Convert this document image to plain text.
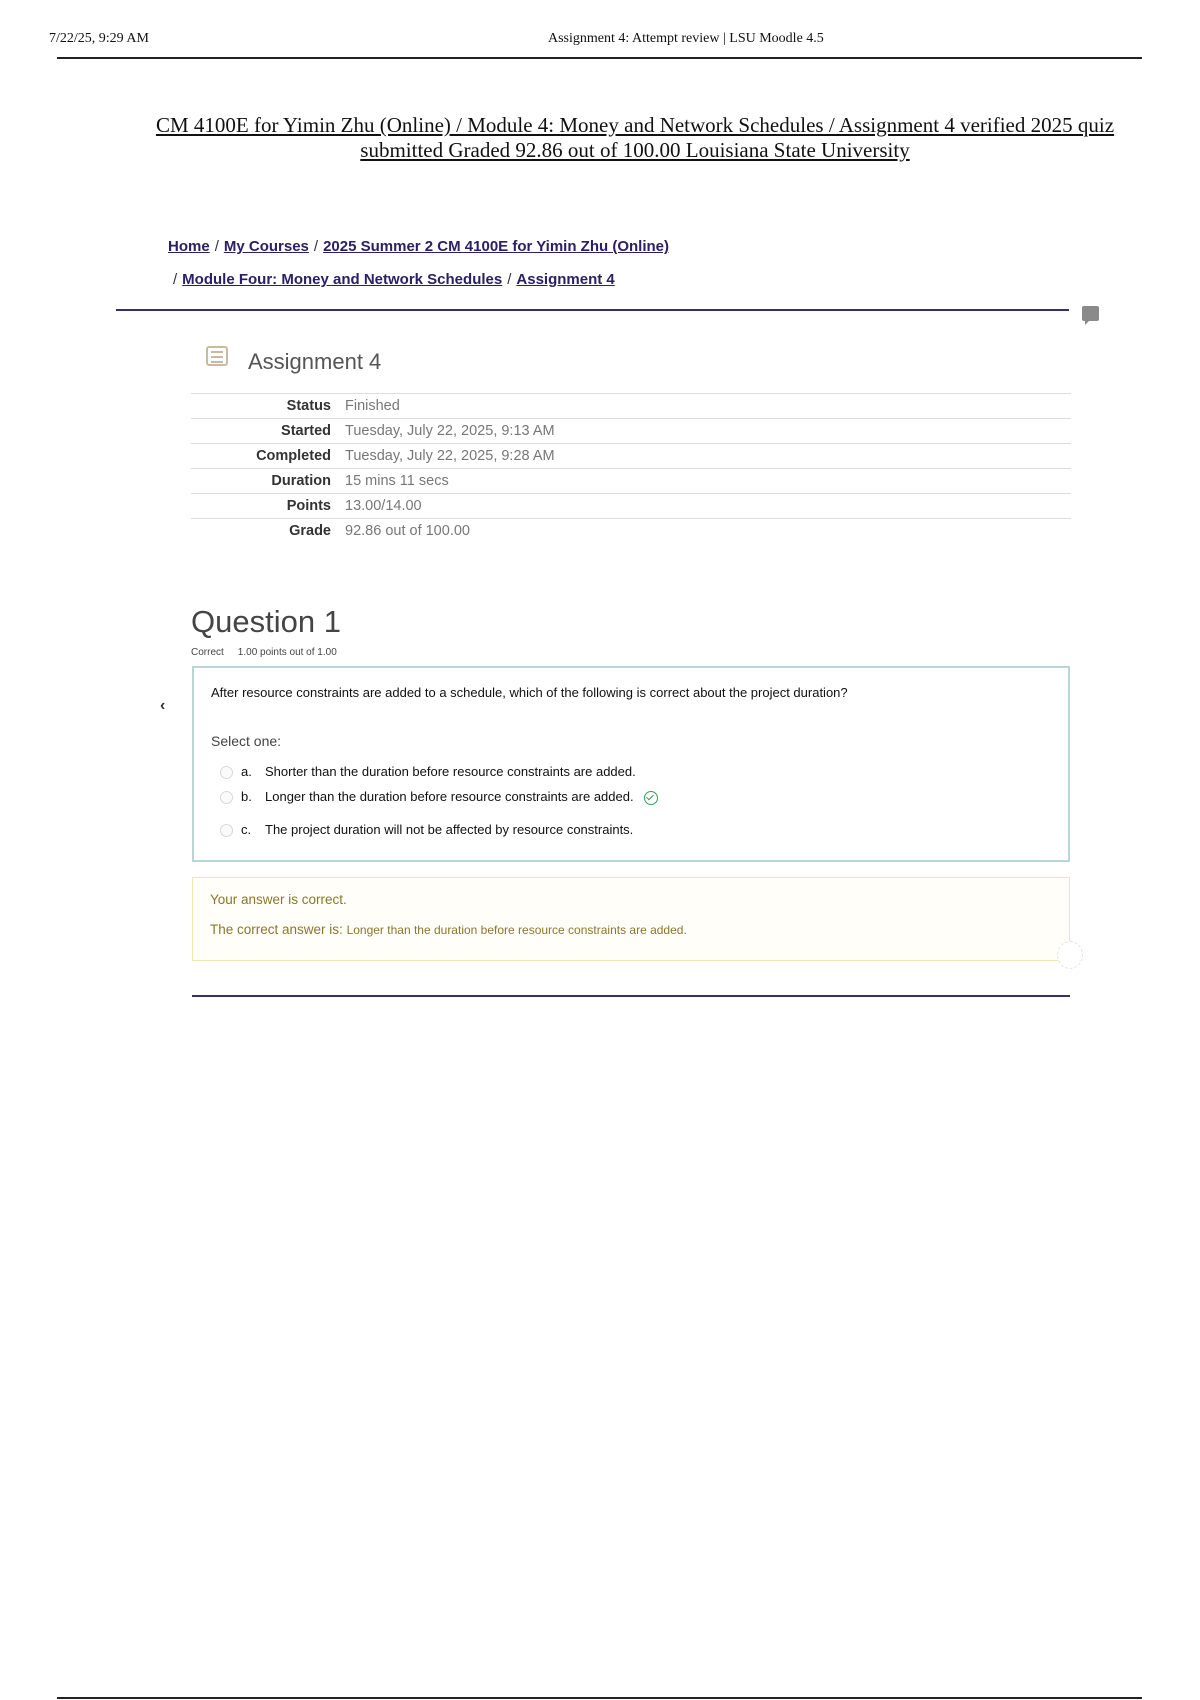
7/22/25, 9:29 AM	Assignment 4: Attempt review | LSU Moodle 4.5
CM 4100E for Yimin Zhu (Online) / Module 4: Money and Network Schedules / Assignment 4 verified 2025 quiz submitted Graded 92.86 out of 100.00 Louisiana State University
Home / My Courses / 2025 Summer 2 CM 4100E for Yimin Zhu (Online)
/ Module Four: Money and Network Schedules / Assignment 4
Assignment 4
Status	Finished
Started	Tuesday, July 22, 2025, 9:13 AM
Completed	Tuesday, July 22, 2025, 9:28 AM
Duration	15 mins 11 secs
Points	13.00/14.00
Grade	92.86 out of 100.00
Question 1
Correct 1.00 points out of 1.00
‹
After resource constraints are added to a schedule, which of the following is correct about the project duration?
Select one:
a. Shorter than the duration before resource constraints are added.
b. Longer than the duration before resource constraints are added.
c. The project duration will not be affected by resource constraints.
Your answer is correct.
The correct answer is: Longer than the duration before resource constraints are added.
